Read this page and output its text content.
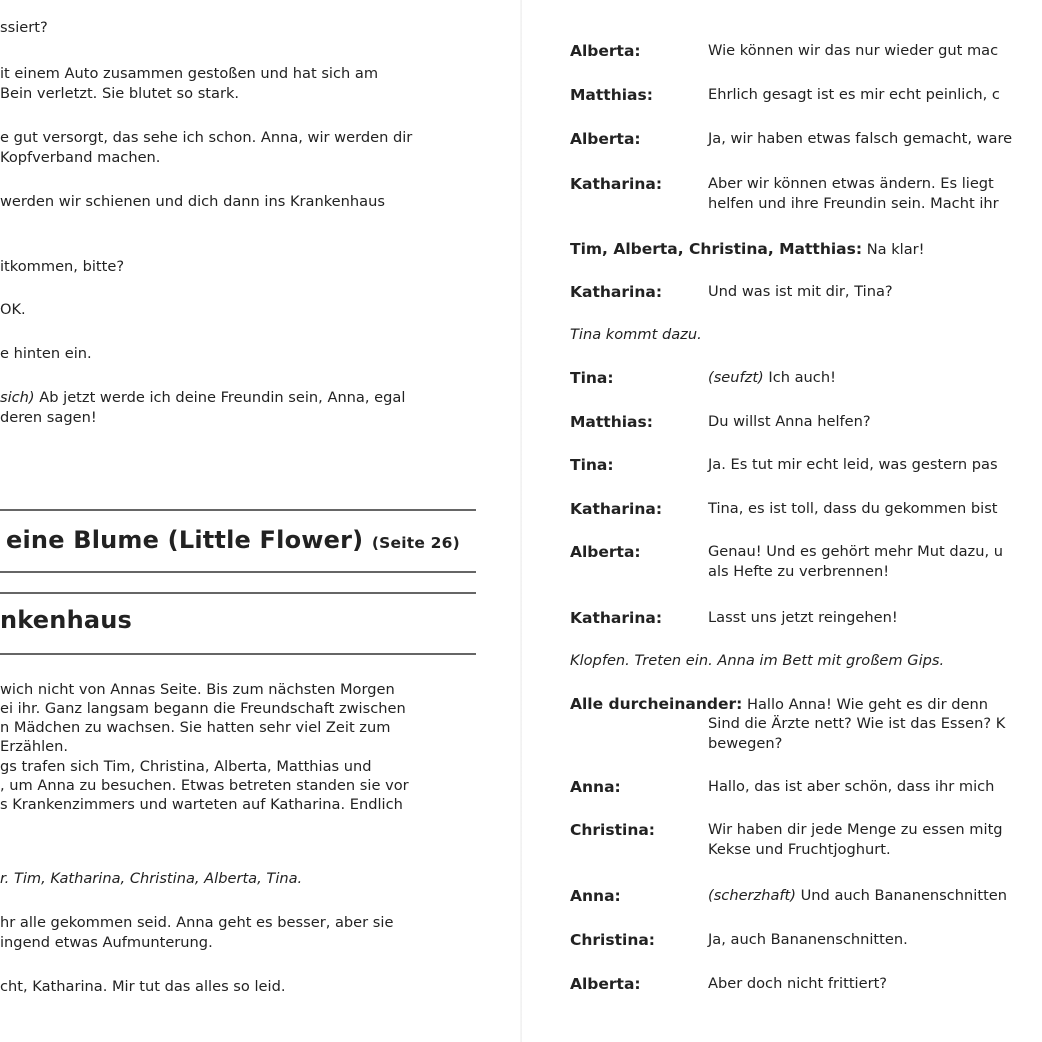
ssiert?
it einem Auto zusammen gestoßen und hat sich am
Bein verletzt. Sie blutet so stark.
e gut versorgt, das sehe ich schon. Anna, wir werden dir
Kopfverband machen.
werden wir schienen und dich dann ins Krankenhaus
itkommen, bitte?
OK.
e hinten ein.
sich) Ab jetzt werde ich deine Freundin sein, Anna, egal
deren sagen!
eine Blume (Little Flower) (Seite 26)
nkenhaus
wich nicht von Annas Seite. Bis zum nächsten Morgen
ei ihr. Ganz langsam begann die Freundschaft zwischen
n Mädchen zu wachsen. Sie hatten sehr viel Zeit zum
Erzählen.
gs trafen sich Tim, Christina, Alberta, Matthias und
, um Anna zu besuchen. Etwas betreten standen sie vor
s Krankenzimmers und warteten auf Katharina. Endlich
r. Tim, Katharina, Christina, Alberta, Tina.
hr alle gekommen seid. Anna geht es besser, aber sie
ingend etwas Aufmunterung.
cht, Katharina. Mir tut das alles so leid.
Alberta:	Wie können wir das nur wieder gut mac
Matthias:	Ehrlich gesagt ist es mir echt peinlich, c
Alberta:	Ja, wir haben etwas falsch gemacht, ware
Katharina:	Aber wir können etwas ändern. Es liegt
helfen und ihre Freundin sein. Macht ihr
Tim, Alberta, Christina, Matthias: Na klar!
Katharina:	Und was ist mit dir, Tina?
Tina kommt dazu.
Tina:	(seufzt) Ich auch!
Matthias:	Du willst Anna helfen?
Tina:	Ja. Es tut mir echt leid, was gestern pas
Katharina:	Tina, es ist toll, dass du gekommen bist
Alberta:	Genau! Und es gehört mehr Mut dazu, u
als Hefte zu verbrennen!
Katharina:	Lasst uns jetzt reingehen!
Klopfen. Treten ein. Anna im Bett mit großem Gips.
Alle durcheinander: Hallo Anna! Wie geht es dir denn
Sind die Ärzte nett? Wie ist das Essen? K
bewegen?
Anna:	Hallo, das ist aber schön, dass ihr mich
Christina:	Wir haben dir jede Menge zu essen mitg
Kekse und Fruchtjoghurt.
Anna:	(scherzhaft) Und auch Bananenschnitten
Christina:	Ja, auch Bananenschnitten.
Alberta:	Aber doch nicht frittiert?
